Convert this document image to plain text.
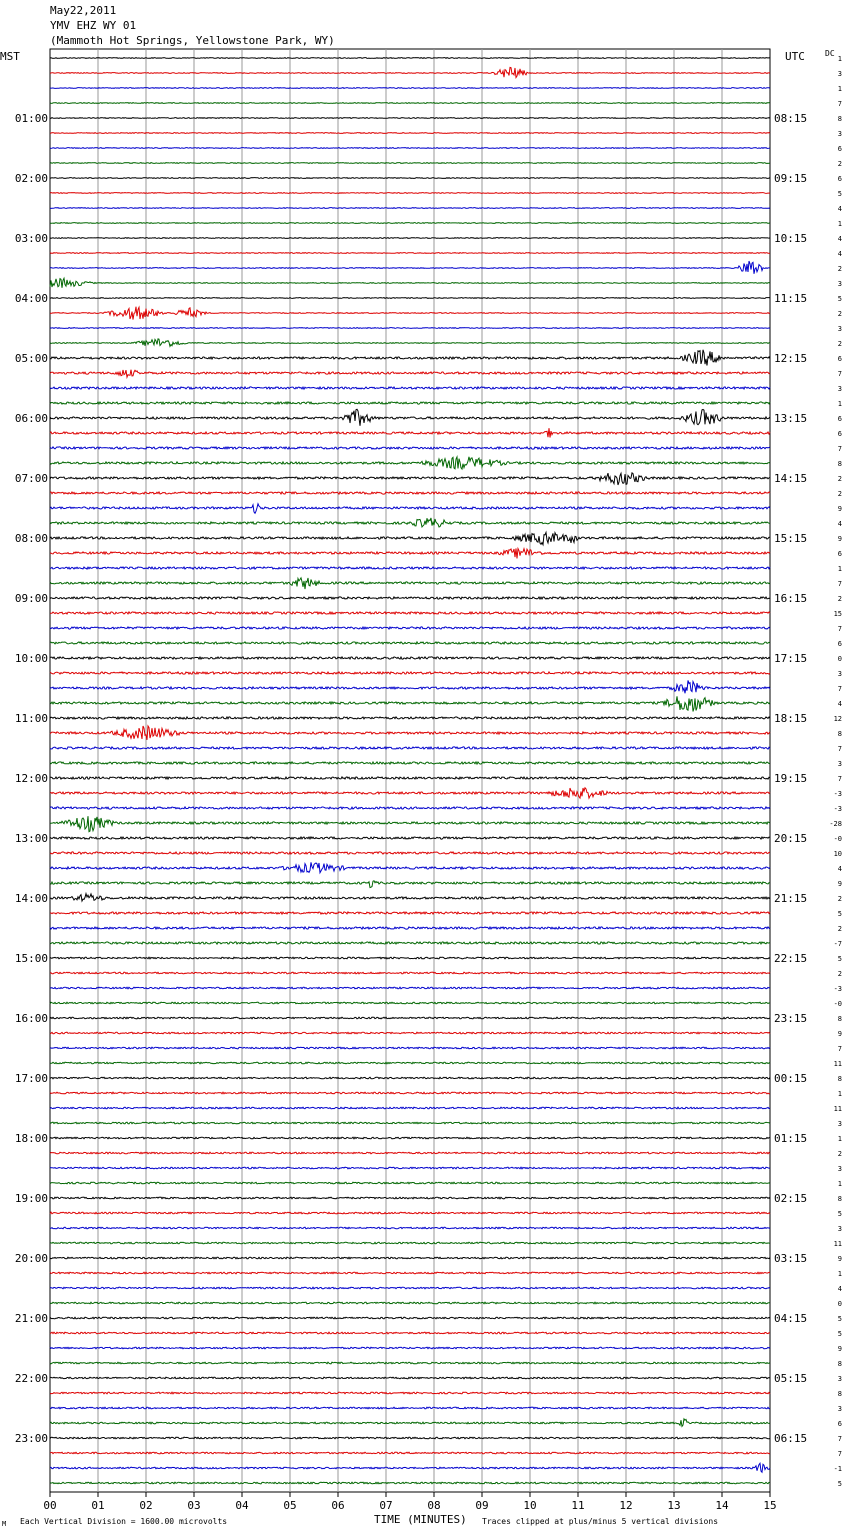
May22,2011
YMV EHZ WY 01
(Mammoth Hot Springs, Yellowstone Park, WY)
MST	UTC	DC
1
3
1
7
8
3
6
2
6
5
4
1
4
4
2
3
5
2
3
2
6
7
3
1
6
6
7
8
2
2
9
4
9
6
1
7
2
15
7
6
0
3
7
4
12
8
7
3
7
-3
-3
-28
-0
10
4
9
2
5
2
-7
5
2
-3
-0
8
9
7
11
8
1
11
3
1
2
3
1
8
5
3
11
9
1
4
0
5
5
9
8
3
8
3
6
7
7
-1
5
01:00	08:15
02:00	09:15
03:00	10:15
04:00	11:15
05:00	12:15
06:00	13:15
07:00	14:15
08:00	15:15
09:00	16:15
10:00	17:15
11:00	18:15
12:00	19:15
13:00	20:15
14:00	21:15
15:00	22:15
16:00	23:15
17:00	00:15
18:00	01:15
19:00	02:15
20:00	03:15
21:00	04:15
22:00	05:15
23:00	06:15
00	01	02	03	04	05	06	07	08	09	10	11	12	13	14	15
M Each Vertical Division = 1600.00 microvolts	TIME (MINUTES) Traces clipped at plus/minus 5 vertical divisions
